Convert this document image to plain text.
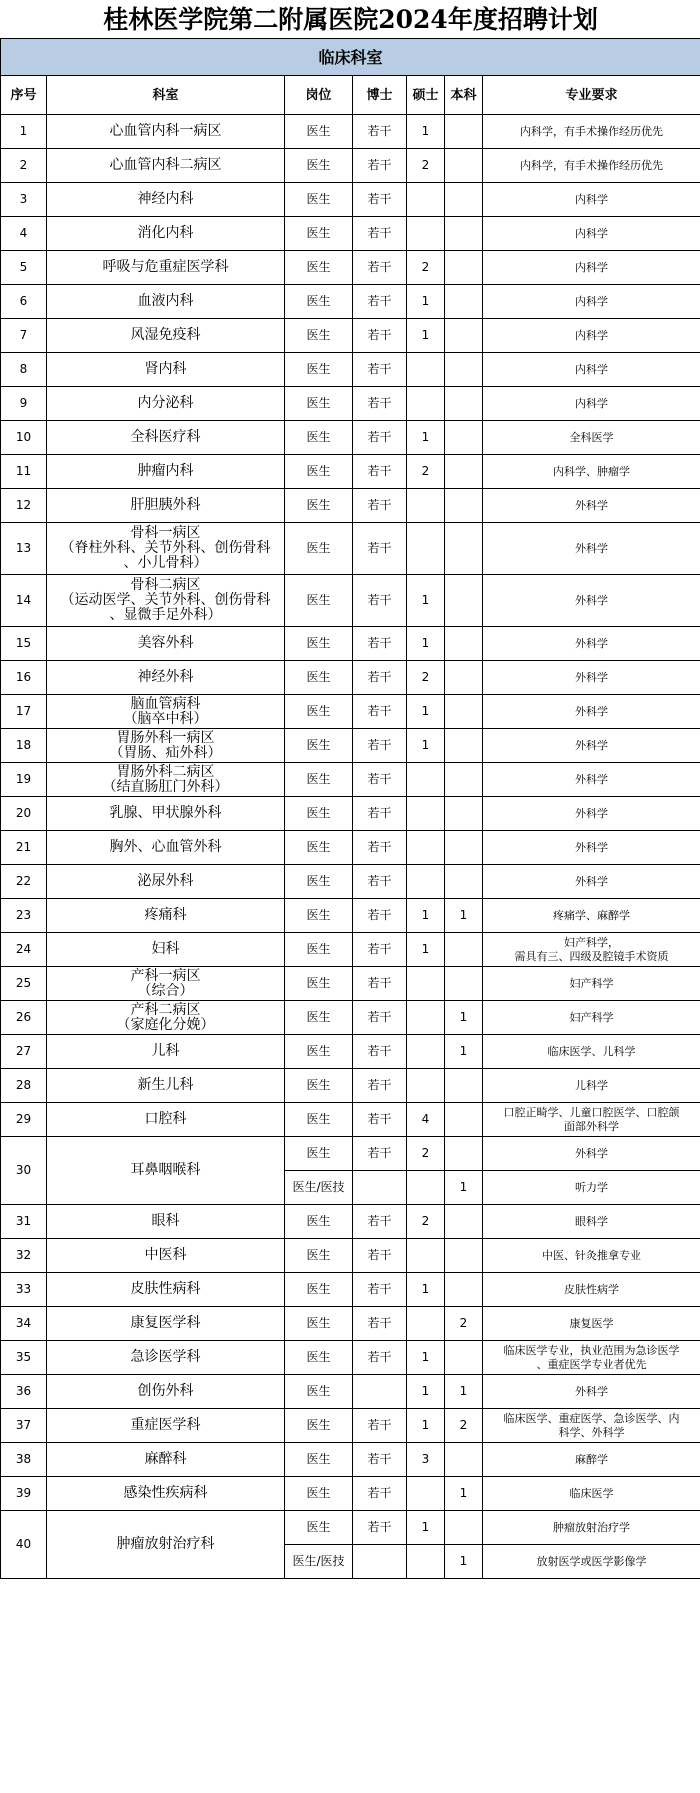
桂林医学院第二附属医院2024年度招聘计划						
临床科室						
序号	科室	岗位	博士	硕士	本科	专业要求
1	心血管内科一病区	医生	若干	1		内科学，有手术操作经历优先
2	心血管内科二病区	医生	若干	2		内科学，有手术操作经历优先
3	神经内科	医生	若干			内科学
4	消化内科	医生	若干			内科学
5	呼吸与危重症医学科	医生	若干	2		内科学
6	血液内科	医生	若干	1		内科学
7	风湿免疫科	医生	若干	1		内科学
8	肾内科	医生	若干			内科学
9	内分泌科	医生	若干			内科学
10	全科医疗科	医生	若干	1		全科医学
11	肿瘤内科	医生	若干	2		内科学、肿瘤学
12	肝胆胰外科	医生	若干			外科学
13	骨科一病区
（脊柱外科、关节外科、创伤骨科
、小儿骨科）	医生	若干			外科学
14	骨科二病区
（运动医学、关节外科、创伤骨科
、显微手足外科）	医生	若干	1		外科学
15	美容外科	医生	若干	1		外科学
16	神经外科	医生	若干	2		外科学
17	脑血管病科
（脑卒中科）	医生	若干	1		外科学
18	胃肠外科一病区
（胃肠、疝外科）	医生	若干	1		外科学
19	胃肠外科二病区
（结直肠肛门外科）	医生	若干			外科学
20	乳腺、甲状腺外科	医生	若干			外科学
21	胸外、心血管外科	医生	若干			外科学
22	泌尿外科	医生	若干			外科学
23	疼痛科	医生	若干	1	1	疼痛学、麻醉学
24	妇科	医生	若干	1		妇产科学，
需具有三、四级及腔镜手术资质
25	产科一病区
（综合）	医生	若干			妇产科学
26	产科二病区
（家庭化分娩）	医生	若干		1	妇产科学
27	儿科	医生	若干		1	临床医学、儿科学
28	新生儿科	医生	若干			儿科学
29	口腔科	医生	若干	4		口腔正畸学、儿童口腔医学、口腔颌
面部外科学
30	耳鼻咽喉科	医生	若干	2		外科学
		医生/医技			1	听力学
31	眼科	医生	若干	2		眼科学
32	中医科	医生	若干			中医、针灸推拿专业
33	皮肤性病科	医生	若干	1		皮肤性病学
34	康复医学科	医生	若干		2	康复医学
35	急诊医学科	医生	若干	1		临床医学专业，执业范围为急诊医学
、重症医学专业者优先
36	创伤外科	医生		1	1	外科学
37	重症医学科	医生	若干	1	2	临床医学、重症医学、急诊医学、内
科学、外科学
38	麻醉科	医生	若干	3		麻醉学
39	感染性疾病科	医生	若干		1	临床医学
40	肿瘤放射治疗科	医生	若干	1		肿瘤放射治疗学
		医生/医技			1	放射医学或医学影像学
